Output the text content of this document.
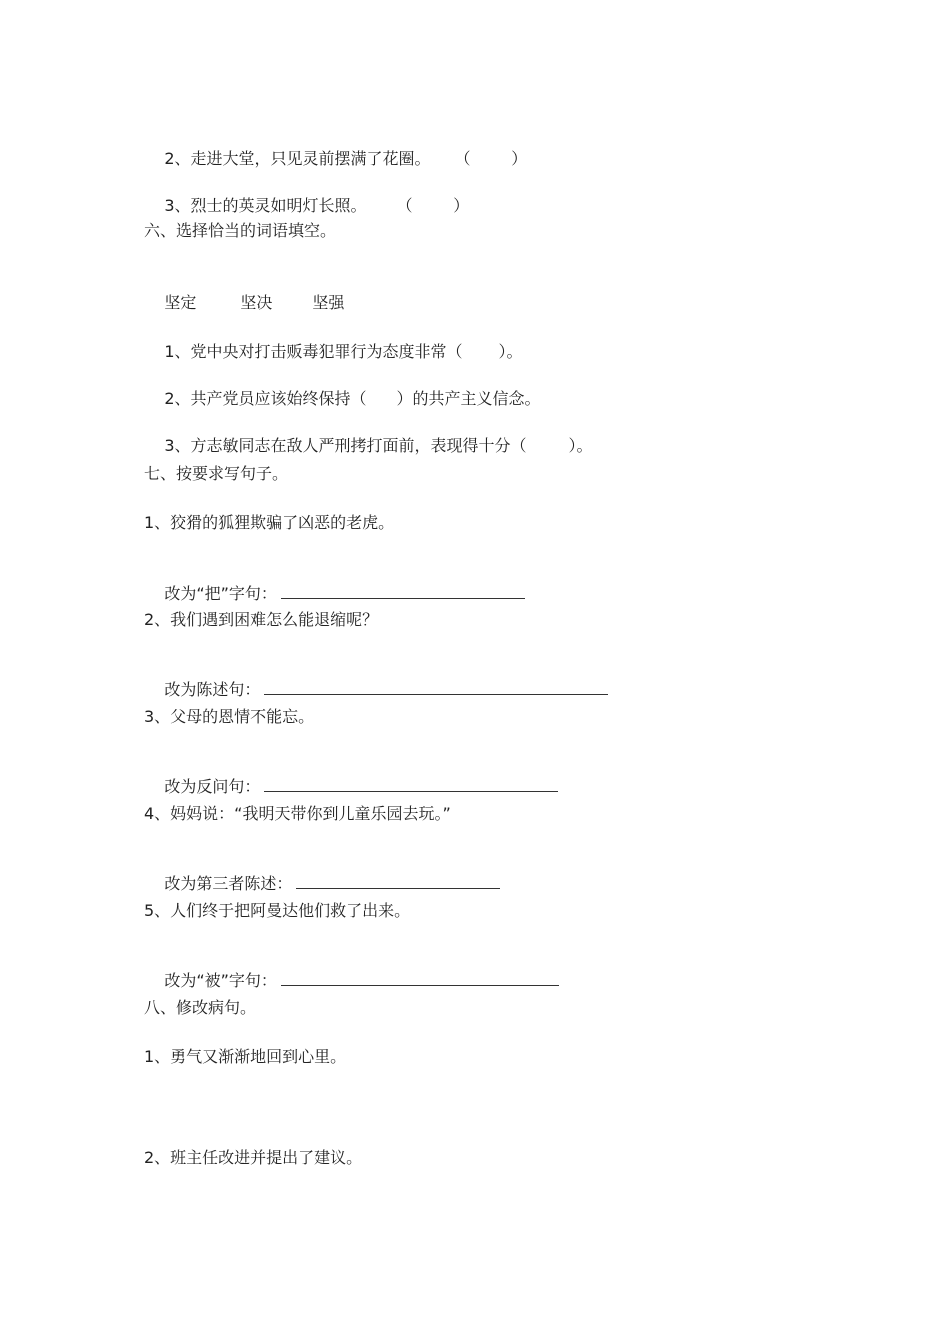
2、走进大堂，只见灵前摆满了花圈。 （        ）

3、烈士的英灵如明灯长照。 （        ）

六、选择恰当的词语填空。

坚定	坚决	坚强

1、党中央对打击贩毒犯罪行为态度非常（ ）。

2、共产党员应该始终保持（ ）的共产主义信念。

3、方志敏同志在敌人严刑拷打面前，表现得十分（	）。

七、按要求写句子。
1、狡猾的狐狸欺骗了凶恶的老虎。

改为“把”字句：

2、我们遇到困难怎么能退缩呢？

改为陈述句：

3、父母的恩情不能忘。

改为反问句：

4、妈妈说：“我明天带你到儿童乐园去玩。”

改为第三者陈述：

5、人们终于把阿曼达他们救了出来。

改为“被”字句：

八、修改病句。
1、勇气又渐渐地回到心里。
2、班主任改进并提出了建议。
